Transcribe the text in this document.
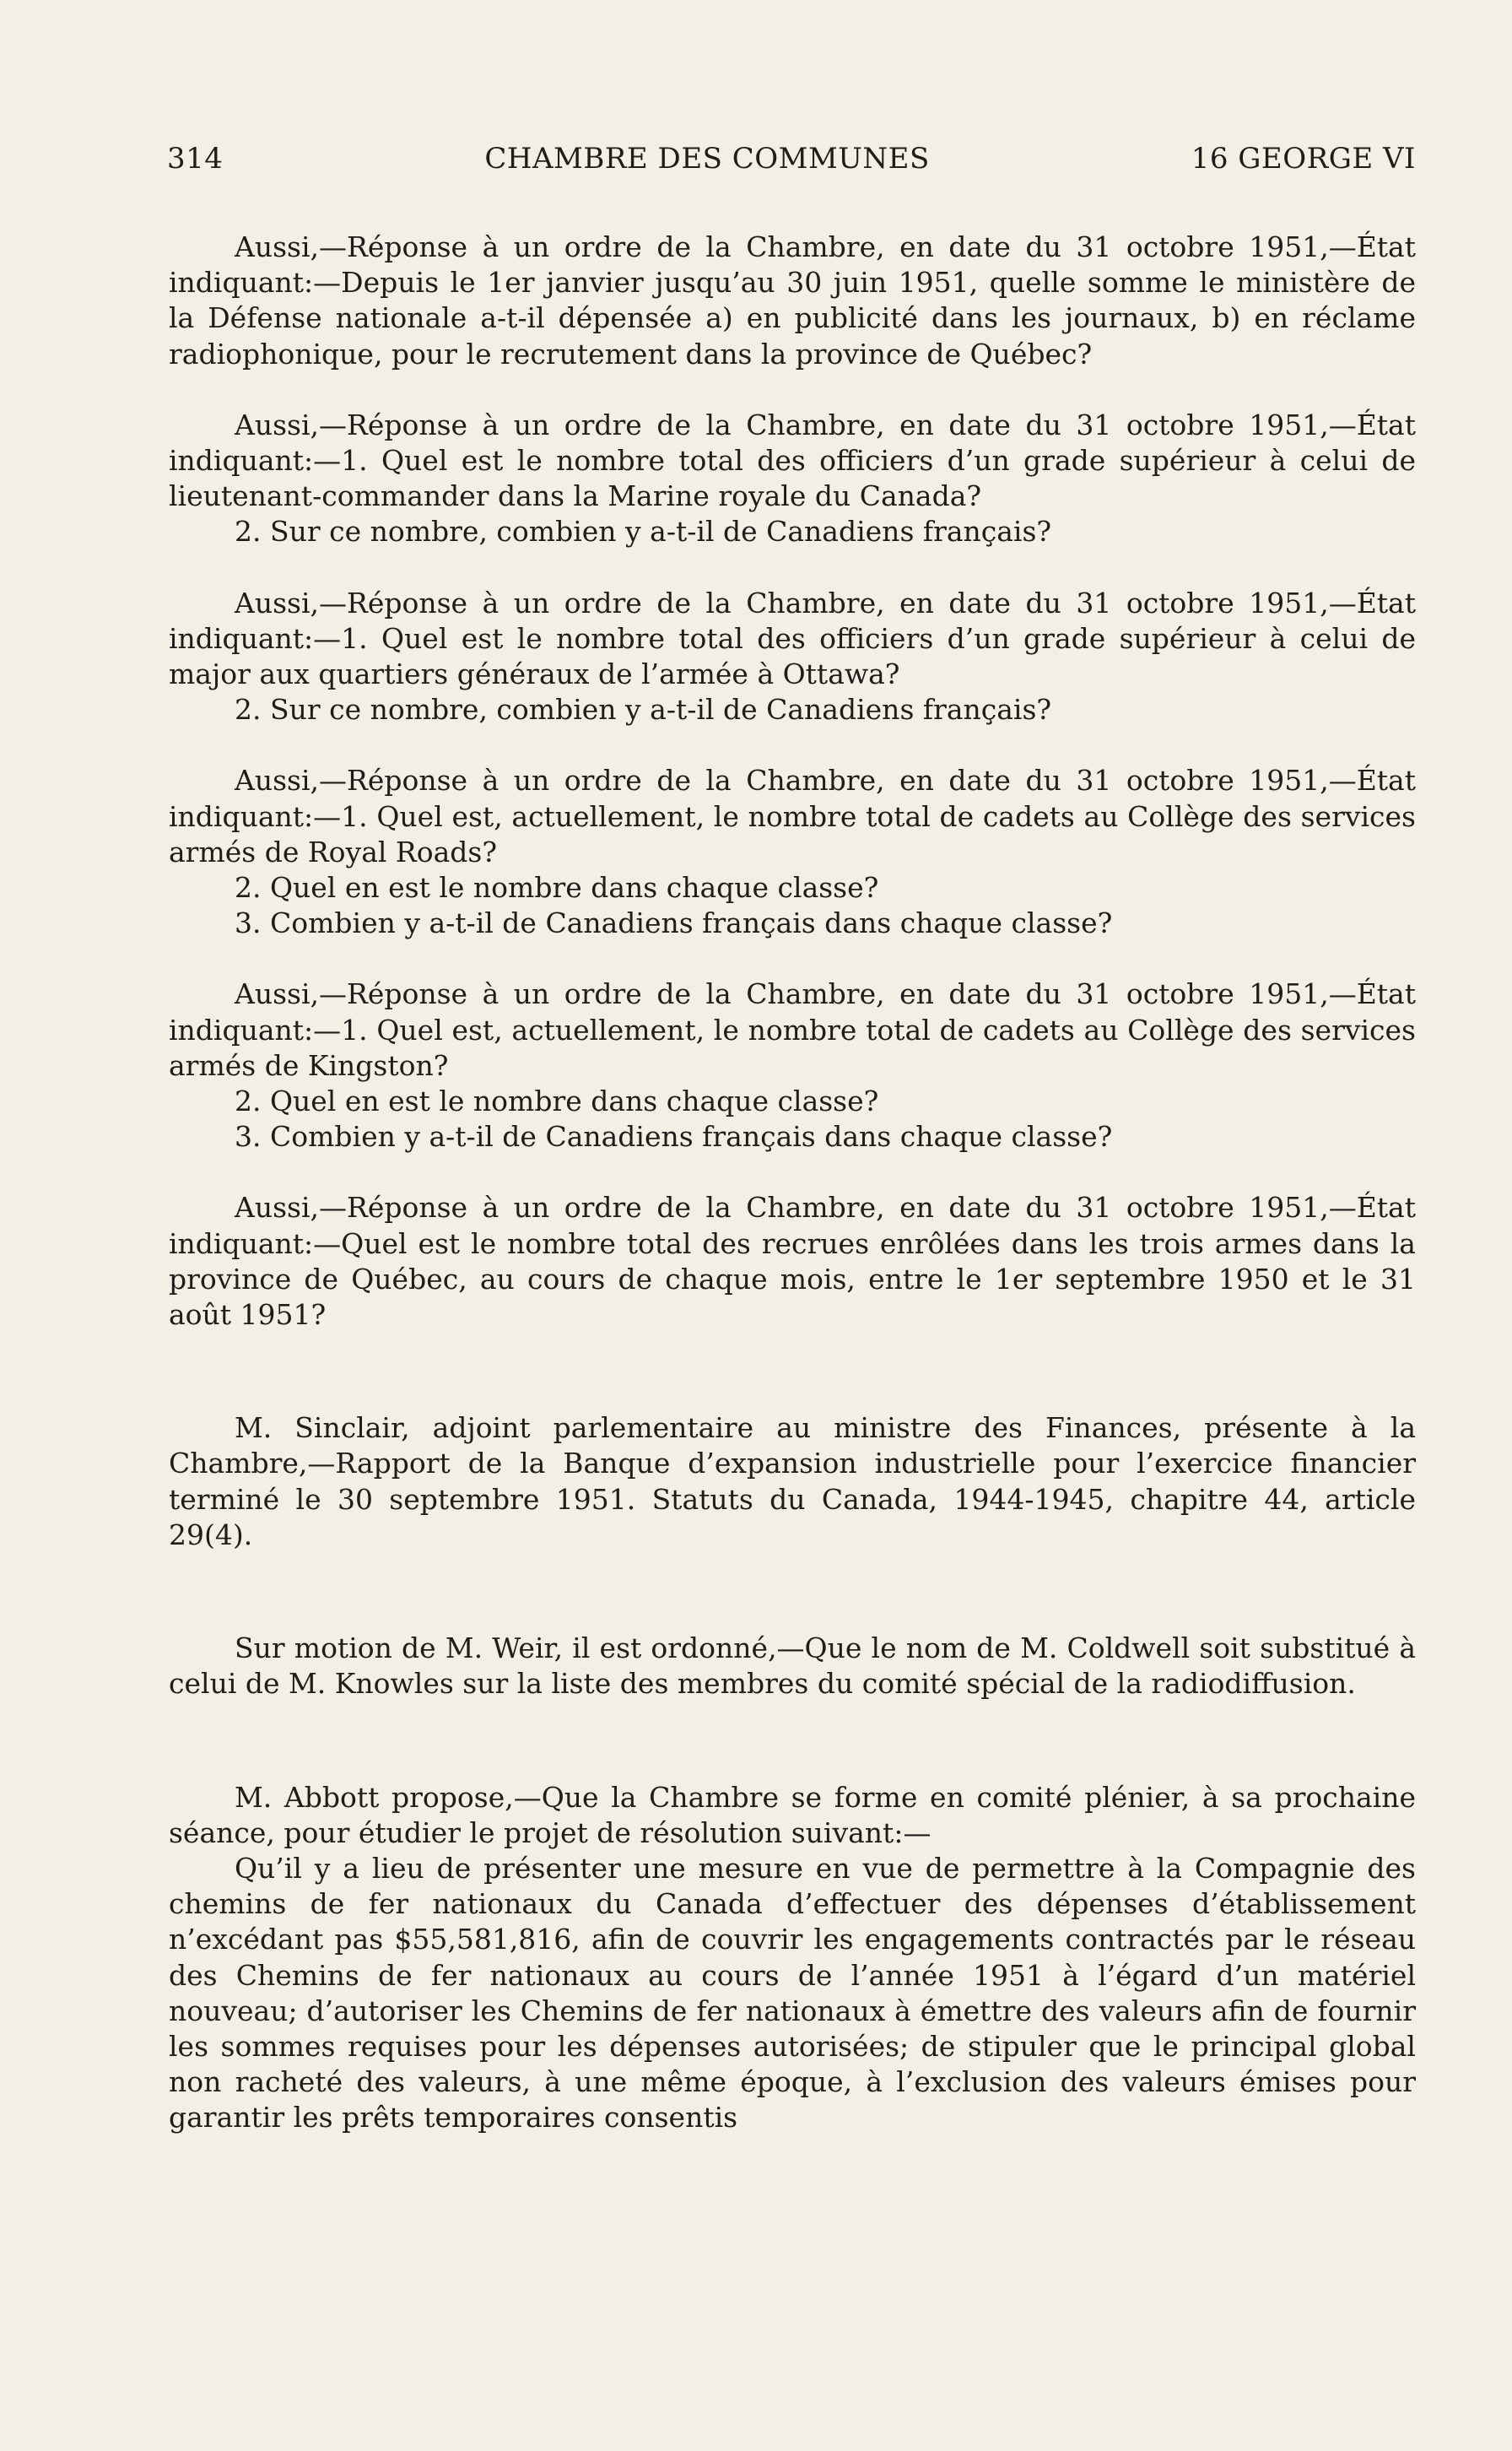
314	CHAMBRE DES COMMUNES	16 GEORGE VI

Aussi,—Réponse à un ordre de la Chambre, en date du 31 octobre 1951,—État indiquant:—Depuis le 1er janvier jusqu’au 30 juin 1951, quelle somme le ministère de la Défense nationale a-t-il dépensée a) en publicité dans les journaux, b) en réclame radiophonique, pour le recrutement dans la province de Québec?

Aussi,—Réponse à un ordre de la Chambre, en date du 31 octobre 1951,—État indiquant:—1. Quel est le nombre total des officiers d’un grade supérieur à celui de lieutenant-commander dans la Marine royale du Canada?

2. Sur ce nombre, combien y a-t-il de Canadiens français?

Aussi,—Réponse à un ordre de la Chambre, en date du 31 octobre 1951,—État indiquant:—1. Quel est le nombre total des officiers d’un grade supérieur à celui de major aux quartiers généraux de l’armée à Ottawa?

2. Sur ce nombre, combien y a-t-il de Canadiens français?

Aussi,—Réponse à un ordre de la Chambre, en date du 31 octobre 1951,—État indiquant:—1. Quel est, actuellement, le nombre total de cadets au Collège des services armés de Royal Roads?

2. Quel en est le nombre dans chaque classe?

3. Combien y a-t-il de Canadiens français dans chaque classe?

Aussi,—Réponse à un ordre de la Chambre, en date du 31 octobre 1951,—État indiquant:—1. Quel est, actuellement, le nombre total de cadets au Collège des services armés de Kingston?

2. Quel en est le nombre dans chaque classe?

3. Combien y a-t-il de Canadiens français dans chaque classe?

Aussi,—Réponse à un ordre de la Chambre, en date du 31 octobre 1951,—État indiquant:—Quel est le nombre total des recrues enrôlées dans les trois armes dans la province de Québec, au cours de chaque mois, entre le 1er septembre 1950 et le 31 août 1951?

M. Sinclair, adjoint parlementaire au ministre des Finances, présente à la Chambre,—Rapport de la Banque d’expansion industrielle pour l’exercice financier terminé le 30 septembre 1951. Statuts du Canada, 1944-1945, chapitre 44, article 29(4).

Sur motion de M. Weir, il est ordonné,—Que le nom de M. Coldwell soit substitué à celui de M. Knowles sur la liste des membres du comité spécial de la radiodiffusion.

M. Abbott propose,—Que la Chambre se forme en comité plénier, à sa prochaine séance, pour étudier le projet de résolution suivant:—

Qu’il y a lieu de présenter une mesure en vue de permettre à la Compagnie des chemins de fer nationaux du Canada d’effectuer des dépenses d’établissement n’excédant pas $55,581,816, afin de couvrir les engagements contractés par le réseau des Chemins de fer nationaux au cours de l’année 1951 à l’égard d’un matériel nouveau; d’autoriser les Chemins de fer nationaux à émettre des valeurs afin de fournir les sommes requises pour les dépenses autorisées; de stipuler que le principal global non racheté des valeurs, à une même époque, à l’exclusion des valeurs émises pour garantir les prêts temporaires consentis
